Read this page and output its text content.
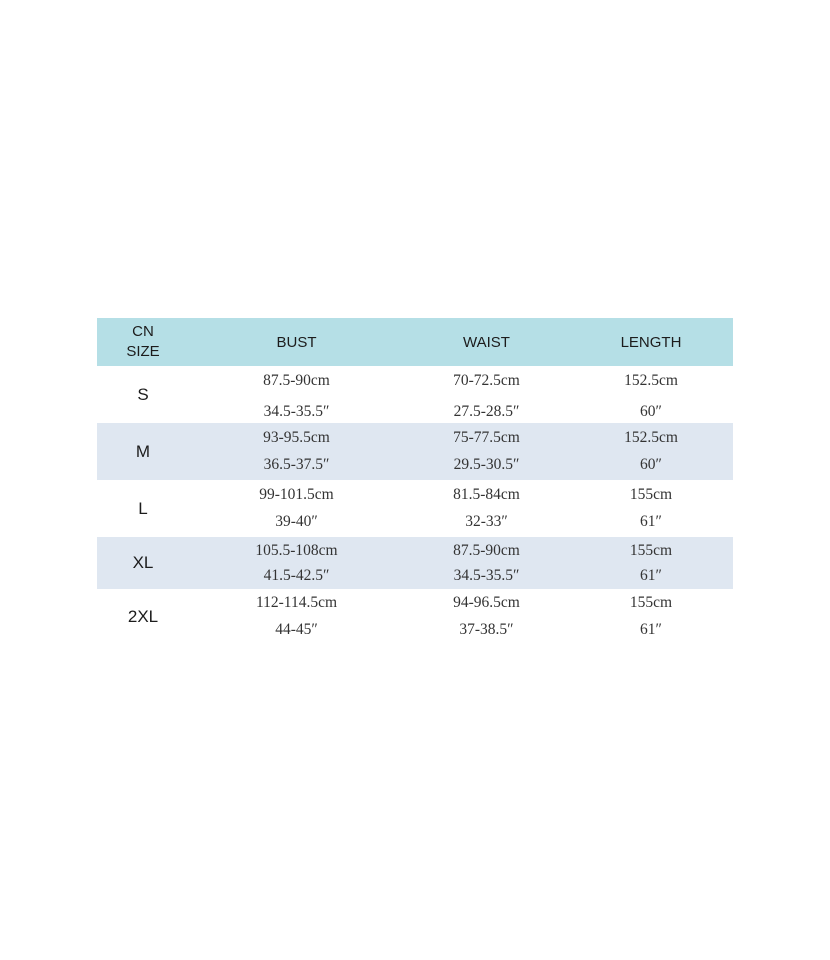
CN
SIZE
BUST	WAIST	LENGTH
S
87.5-90cm
34.5-35.5″
70-72.5cm
27.5-28.5″
152.5cm
60″
M
93-95.5cm
36.5-37.5″
75-77.5cm
29.5-30.5″
152.5cm
60″
L
99-101.5cm
39-40″
81.5-84cm
32-33″
155cm
61″
XL
105.5-108cm
41.5-42.5″
87.5-90cm
34.5-35.5″
155cm
61″
2XL
112-114.5cm
44-45″
94-96.5cm
37-38.5″
155cm
61″
